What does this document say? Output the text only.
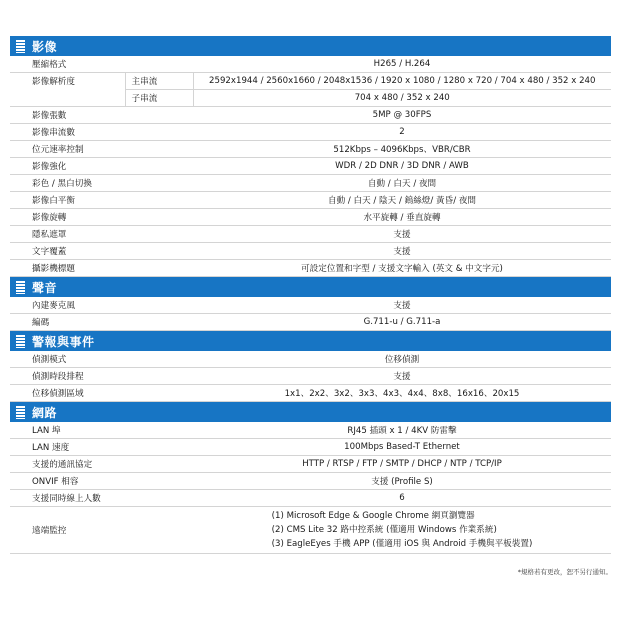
影像
壓縮格式		H265 / H.264
影像解析度	主串流	2592x1944 / 2560x1660 / 2048x1536 / 1920 x 1080 / 1280 x 720 / 704 x 480 / 352 x 240
	子串流	704 x 480 / 352 x 240
影像張數		5MP @ 30FPS
影像串流數		2
位元速率控制		512Kbps – 4096Kbps、VBR/CBR
影像強化		WDR / 2D DNR / 3D DNR / AWB
彩色 / 黑白切換		自動 / 白天 / 夜間
影像白平衡		自動 / 白天 / 陰天 / 鎢絲燈/ 黃昏/ 夜間
影像旋轉		水平旋轉 / 垂直旋轉
隱私遮罩		支援
文字覆蓋		支援
攝影機標題		可設定位置和字型 / 支援文字輸入 (英文 & 中文字元)
聲音
內建麥克風	支援
編碼	G.711-u / G.711-a
警報與事件
偵測模式	位移偵測
偵測時段排程	支援
位移偵測區域	1x1、2x2、3x2、3x3、4x3、4x4、8x8、16x16、20x15
網路
LAN 埠	RJ45 插頭 x 1 / 4KV 防雷擊
LAN 速度	100Mbps Based-T Ethernet
支援的通訊協定	HTTP / RTSP / FTP / SMTP / DHCP / NTP / TCP/IP
ONVIF 相容	支援 (Profile S)
支援同時線上人數	6
遠端監控	(1) Microsoft Edge & Google Chrome 網頁瀏覽器
(2) CMS Lite 32 路中控系統 (僅適用 Windows 作業系統)
(3) EagleEyes 手機 APP (僅適用 iOS 與 Android 手機與平板裝置)
*規格若有更改，恕不另行通知。
